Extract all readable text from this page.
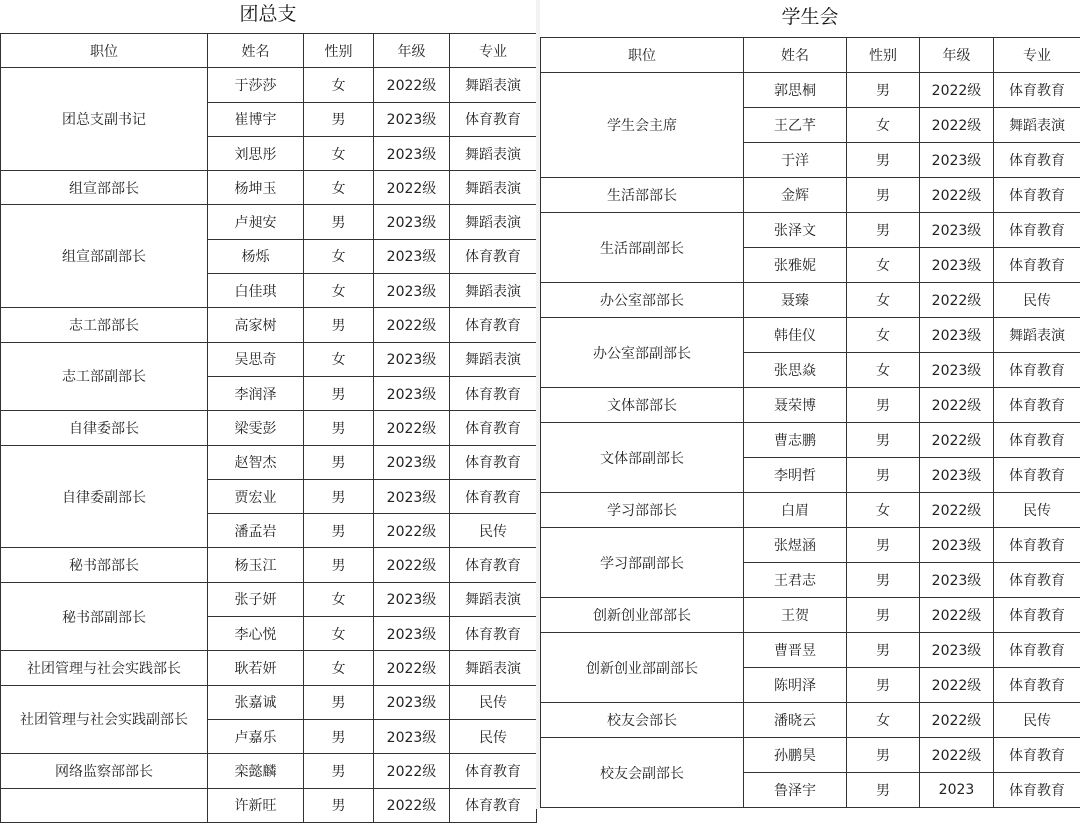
团总支
职位	姓名	性别	年级	专业
团总支副书记	于莎莎	女	2022级	舞蹈表演
	崔博宇	男	2023级	体育教育
	刘思彤	女	2023级	舞蹈表演
组宣部部长	杨坤玉	女	2022级	舞蹈表演
组宣部副部长	卢昶安	男	2023级	舞蹈表演
	杨烁	女	2023级	体育教育
	白佳琪	女	2023级	舞蹈表演
志工部部长	高家树	男	2022级	体育教育
志工部副部长	吴思奇	女	2023级	舞蹈表演
	李润泽	男	2023级	体育教育
自律委部长	梁雯彭	男	2022级	体育教育
自律委副部长	赵智杰	男	2023级	体育教育
	贾宏业	男	2023级	体育教育
	潘孟岩	男	2022级	民传
秘书部部长	杨玉江	男	2022级	体育教育
秘书部副部长	张子妍	女	2023级	舞蹈表演
	李心悦	女	2023级	体育教育
社团管理与社会实践部长	耿若妍	女	2022级	舞蹈表演
社团管理与社会实践副部长	张嘉诚	男	2023级	民传
	卢嘉乐	男	2023级	民传
网络监察部部长	栾懿麟	男	2022级	体育教育
	许新旺	男	2022级	体育教育
学生会
职位	姓名	性别	年级	专业
学生会主席	郭思桐	男	2022级	体育教育
	王乙芊	女	2022级	舞蹈表演
	于洋	男	2023级	体育教育
生活部部长	金辉	男	2022级	体育教育
生活部副部长	张泽文	男	2023级	体育教育
	张雅妮	女	2023级	体育教育
办公室部部长	聂臻	女	2022级	民传
办公室部副部长	韩佳仪	女	2023级	舞蹈表演
	张思焱	女	2023级	体育教育
文体部部长	聂荣博	男	2022级	体育教育
文体部副部长	曹志鹏	男	2022级	体育教育
	李明哲	男	2023级	体育教育
学习部部长	白眉	女	2022级	民传
学习部副部长	张煜涵	男	2023级	体育教育
	王君志	男	2023级	体育教育
创新创业部部长	王贺	男	2022级	体育教育
创新创业部副部长	曹晋昱	男	2023级	体育教育
	陈明泽	男	2022级	体育教育
校友会部长	潘晓云	女	2022级	民传
校友会副部长	孙鹏昊	男	2022级	体育教育
	鲁泽宇	男	2023	体育教育
